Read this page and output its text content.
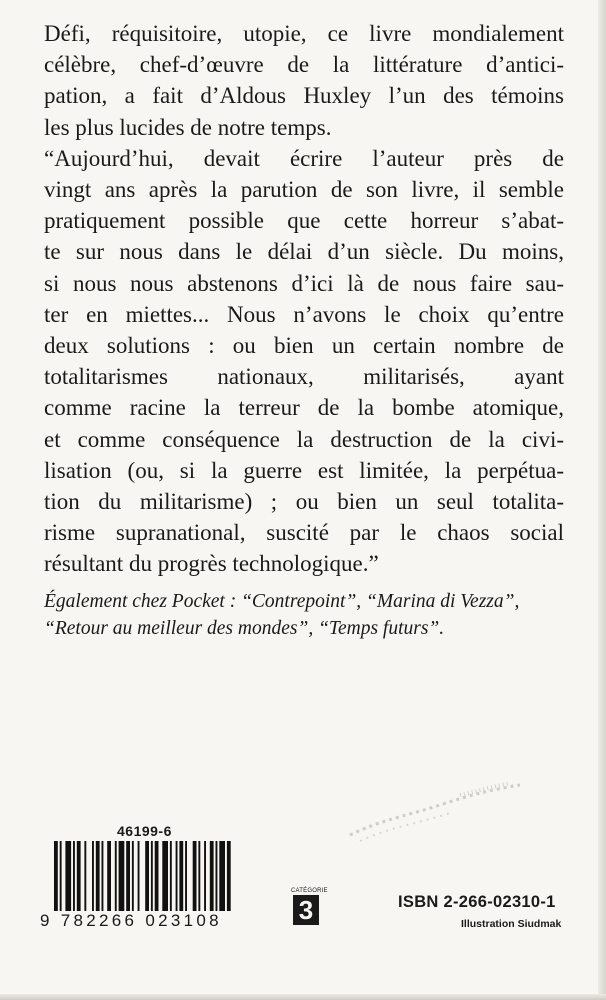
Défi, réquisitoire, utopie, ce livre mondialement
célèbre, chef-d’œuvre de la littérature d’antici-
pation, a fait d’Aldous Huxley l’un des témoins
les plus lucides de notre temps.
“Aujourd’hui, devait écrire l’auteur près de
vingt ans après la parution de son livre, il semble
pratiquement possible que cette horreur s’abat-
te sur nous dans le délai d’un siècle. Du moins,
si nous nous abstenons d’ici là de nous faire sau-
ter en miettes... Nous n’avons le choix qu’entre
deux solutions : ou bien un certain nombre de
totalitarismes nationaux, militarisés, ayant
comme racine la terreur de la bombe atomique,
et comme conséquence la destruction de la civi-
lisation (ou, si la guerre est limitée, la perpétua-
tion du militarisme) ; ou bien un seul totalita-
risme supranational, suscité par le chaos social
résultant du progrès technologique.”
Également chez Pocket : “Contrepoint”, “Marina di Vezza”,
“Retour au meilleur des mondes”, “Temps futurs”.
46199-6
9 782266 023108
CATÉGORIE
3	ISBN 2-266-02310-1
Illustration Siudmak
